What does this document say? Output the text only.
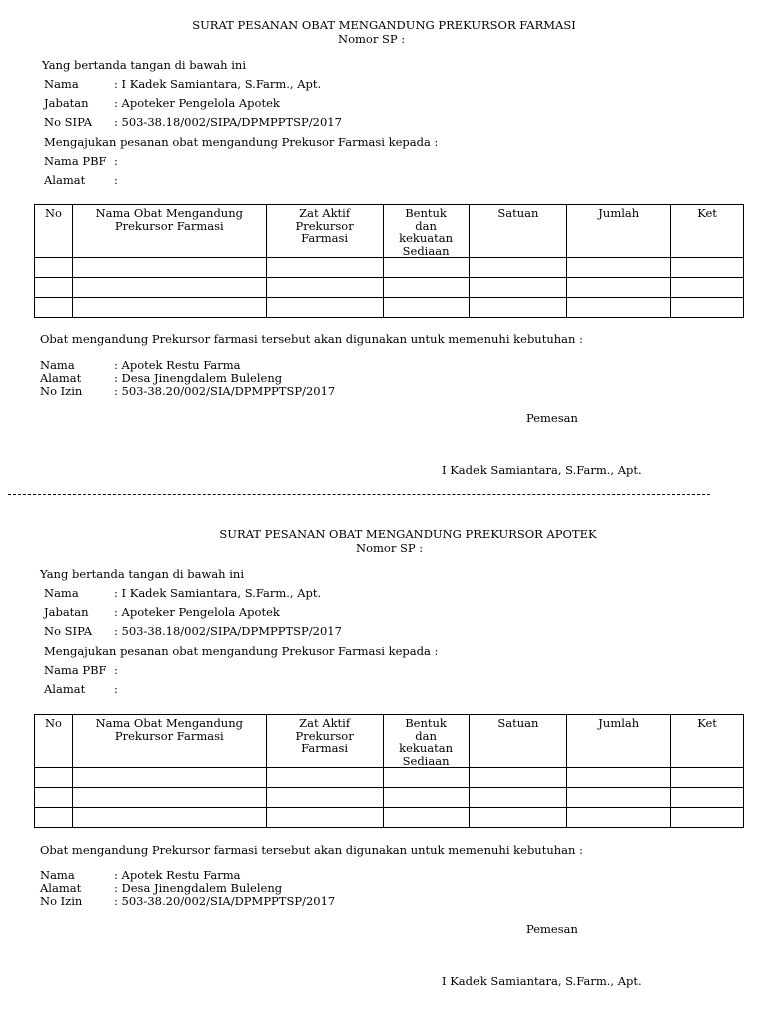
SURAT PESANAN OBAT MENGANDUNG PREKURSOR FARMASI
Nomor SP :
Yang bertanda tangan di bawah ini
Nama	: I Kadek Samiantara, S.Farm., Apt.
Jabatan : Apoteker Pengelola Apotek
No SIPA : 503-38.18/002/SIPA/DPMPPTSP/2017
Mengajukan pesanan obat mengandung Prekusor Farmasi kepada :
Nama PBF :
Alamat	:
No	Nama Obat Mengandung Prekursor Farmasi	Zat Aktif Prekursor Farmasi	Bentuk dan kekuatan Sediaan	Satuan	Jumlah	Ket

Obat mengandung Prekursor farmasi tersebut akan digunakan untuk memenuhi kebutuhan :
Nama	: Apotek Restu Farma
Alamat	: Desa Jinengdalem Buleleng
No Izin	: 503-38.20/002/SIA/DPMPPTSP/2017
Pemesan
I Kadek Samiantara, S.Farm., Apt.
SURAT PESANAN OBAT MENGANDUNG PREKURSOR APOTEK
Nomor SP :
Yang bertanda tangan di bawah ini
Nama	: I Kadek Samiantara, S.Farm., Apt.
Jabatan : Apoteker Pengelola Apotek
No SIPA : 503-38.18/002/SIPA/DPMPPTSP/2017
Mengajukan pesanan obat mengandung Prekusor Farmasi kepada :
Nama PBF :
Alamat	:
No	Nama Obat Mengandung Prekursor Farmasi	Zat Aktif Prekursor Farmasi	Bentuk dan kekuatan Sediaan	Satuan	Jumlah	Ket

Obat mengandung Prekursor farmasi tersebut akan digunakan untuk memenuhi kebutuhan :
Nama	: Apotek Restu Farma
Alamat	: Desa Jinengdalem Buleleng
No Izin	: 503-38.20/002/SIA/DPMPPTSP/2017
Pemesan
I Kadek Samiantara, S.Farm., Apt.
